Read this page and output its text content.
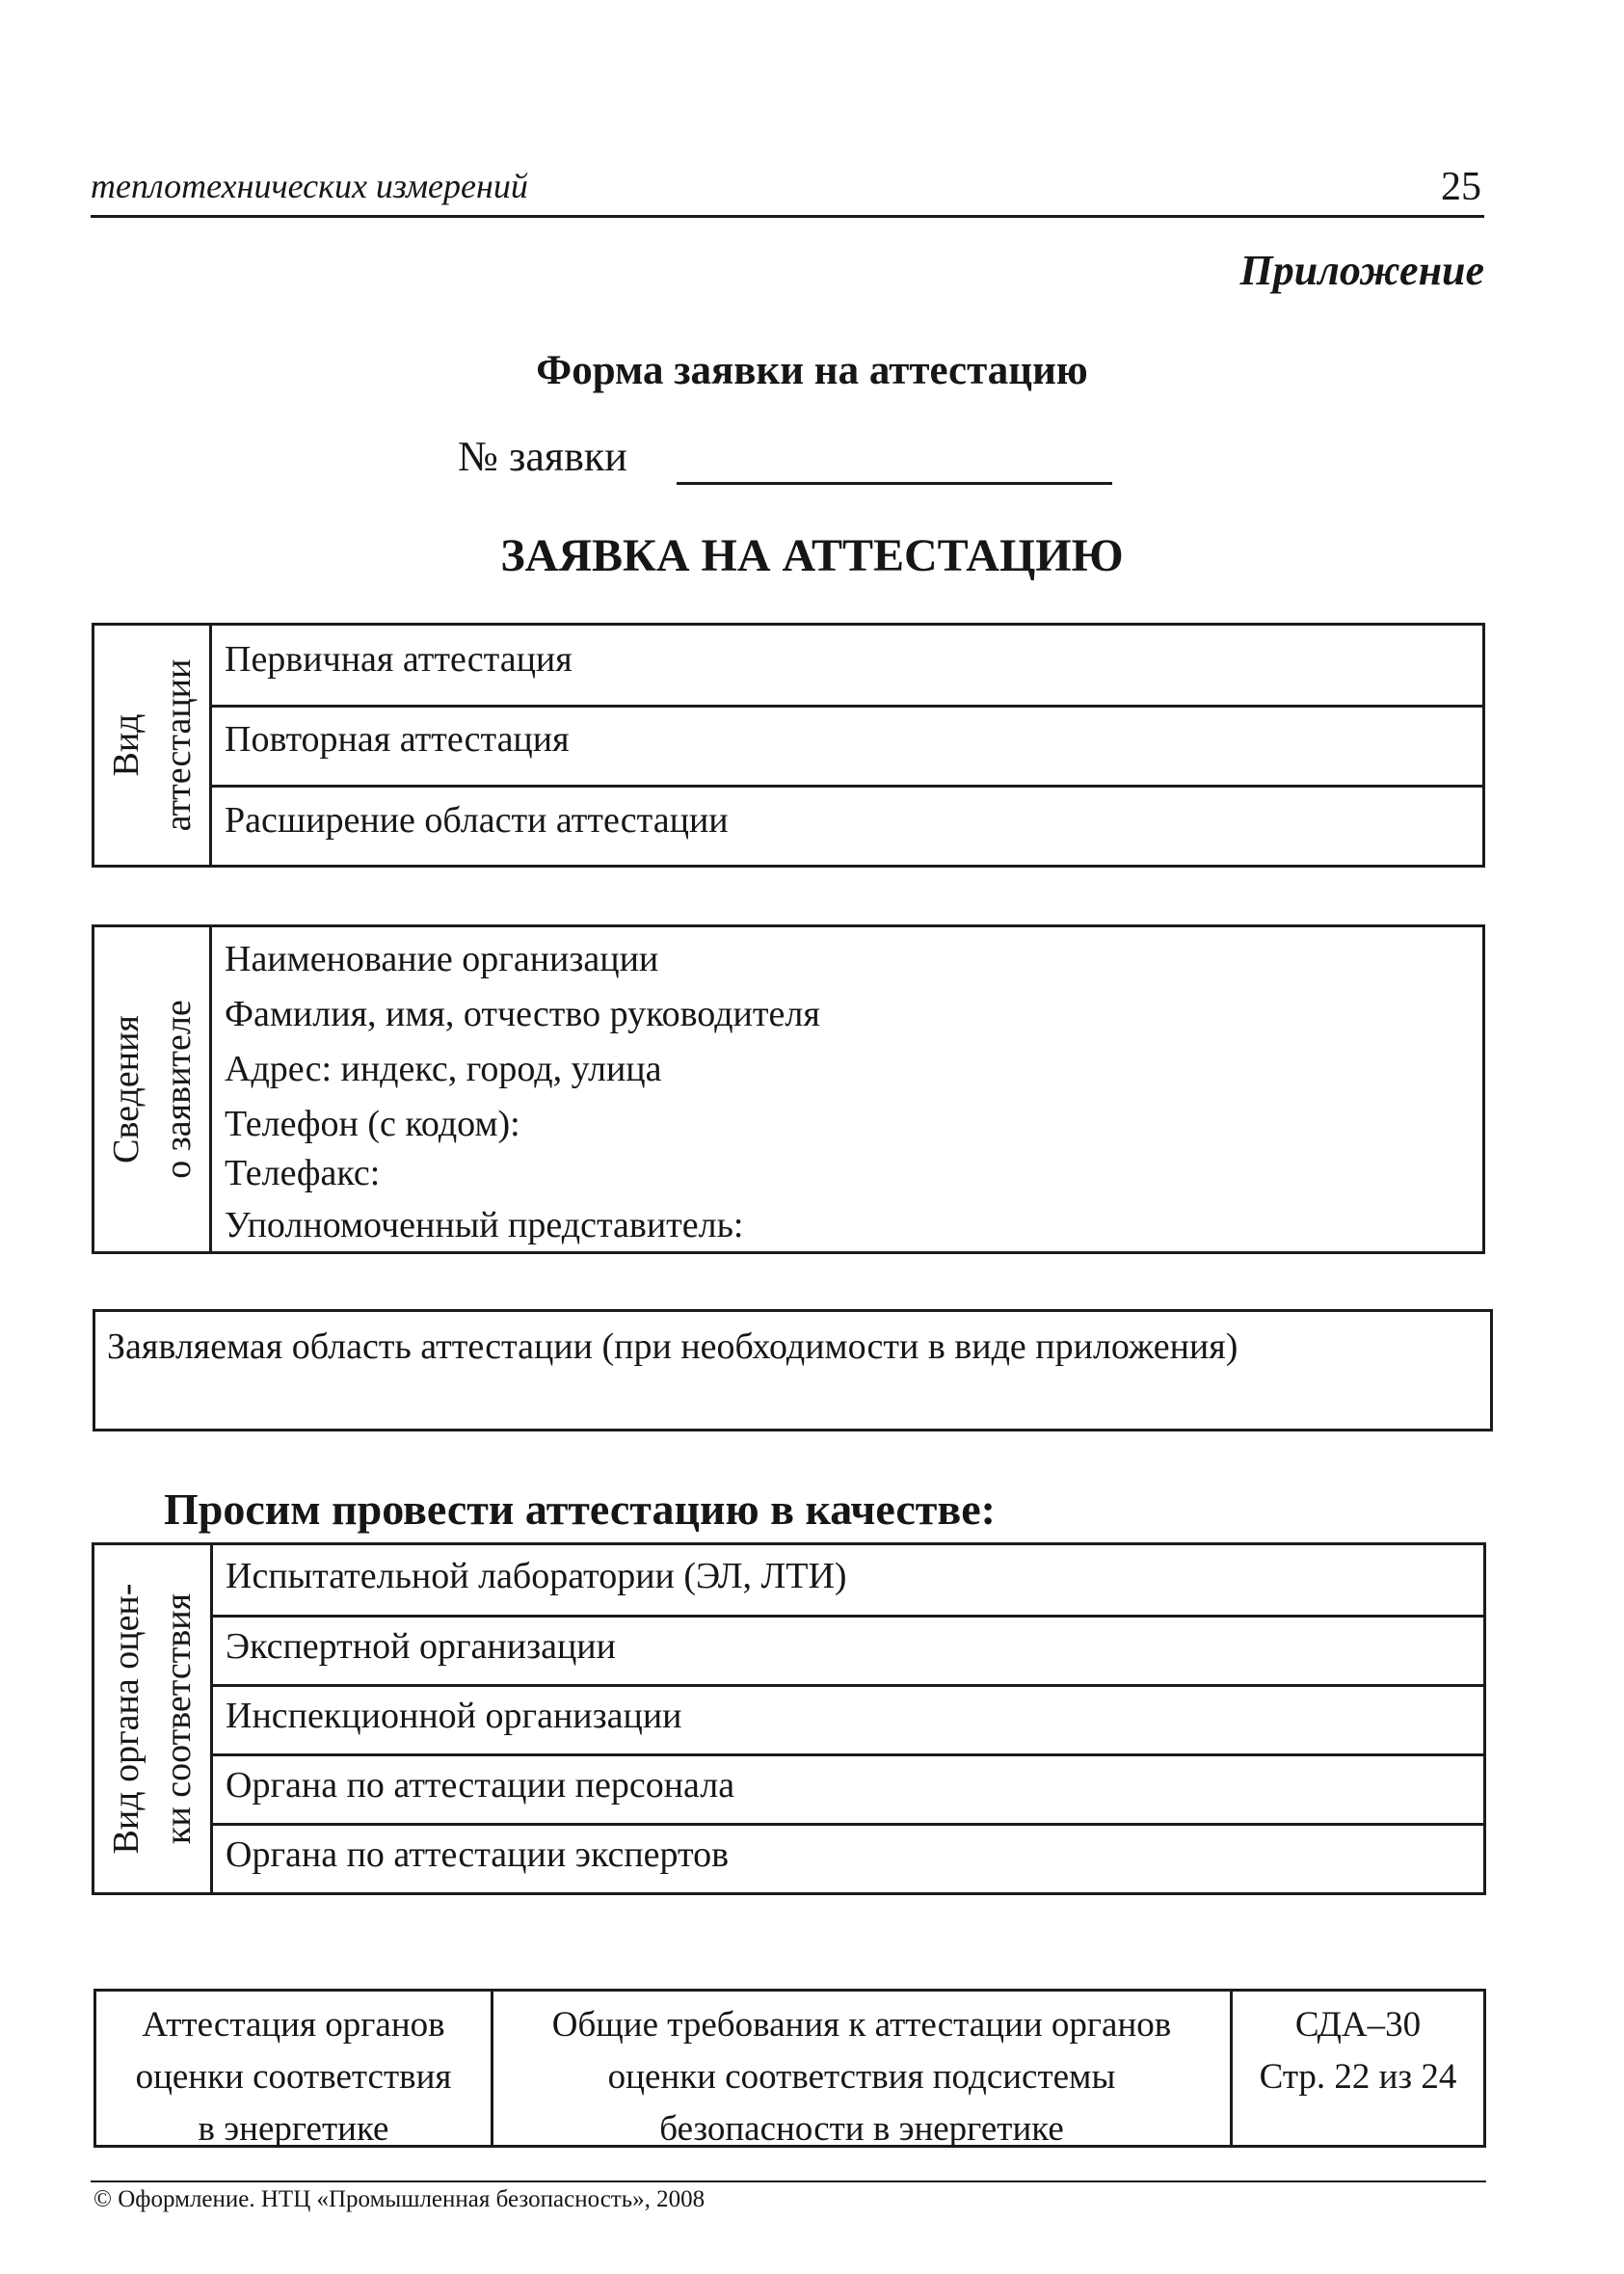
теплотехнических измерений	25
Приложение
Форма заявки на аттестацию
№ заявки
ЗАЯВКА НА АТТЕСТАЦИЮ
Вид аттестации Первичная аттестация
Повторная аттестация
Расширение области аттестации
Сведения о заявителе
Наименование организации
Фамилия, имя, отчество руководителя
Адрес: индекс, город, улица
Телефон (с кодом):
Телефакс:
Уполномоченный представитель:
Заявляемая область аттестации (при необходимости в виде приложения)
Просим провести аттестацию в качестве:
Вид органа оцен- ки соответствия
Испытательной лаборатории (ЭЛ, ЛТИ)
Экспертной организации
Инспекционной организации
Органа по аттестации персонала
Органа по аттестации экспертов
Аттестация органов
оценки соответствия
в энергетике
Общие требования к аттестации органов
оценки соответствия подсистемы
безопасности в энергетике
СДА–30
Стр. 22 из 24
© Оформление. НТЦ «Промышленная безопасность», 2008
